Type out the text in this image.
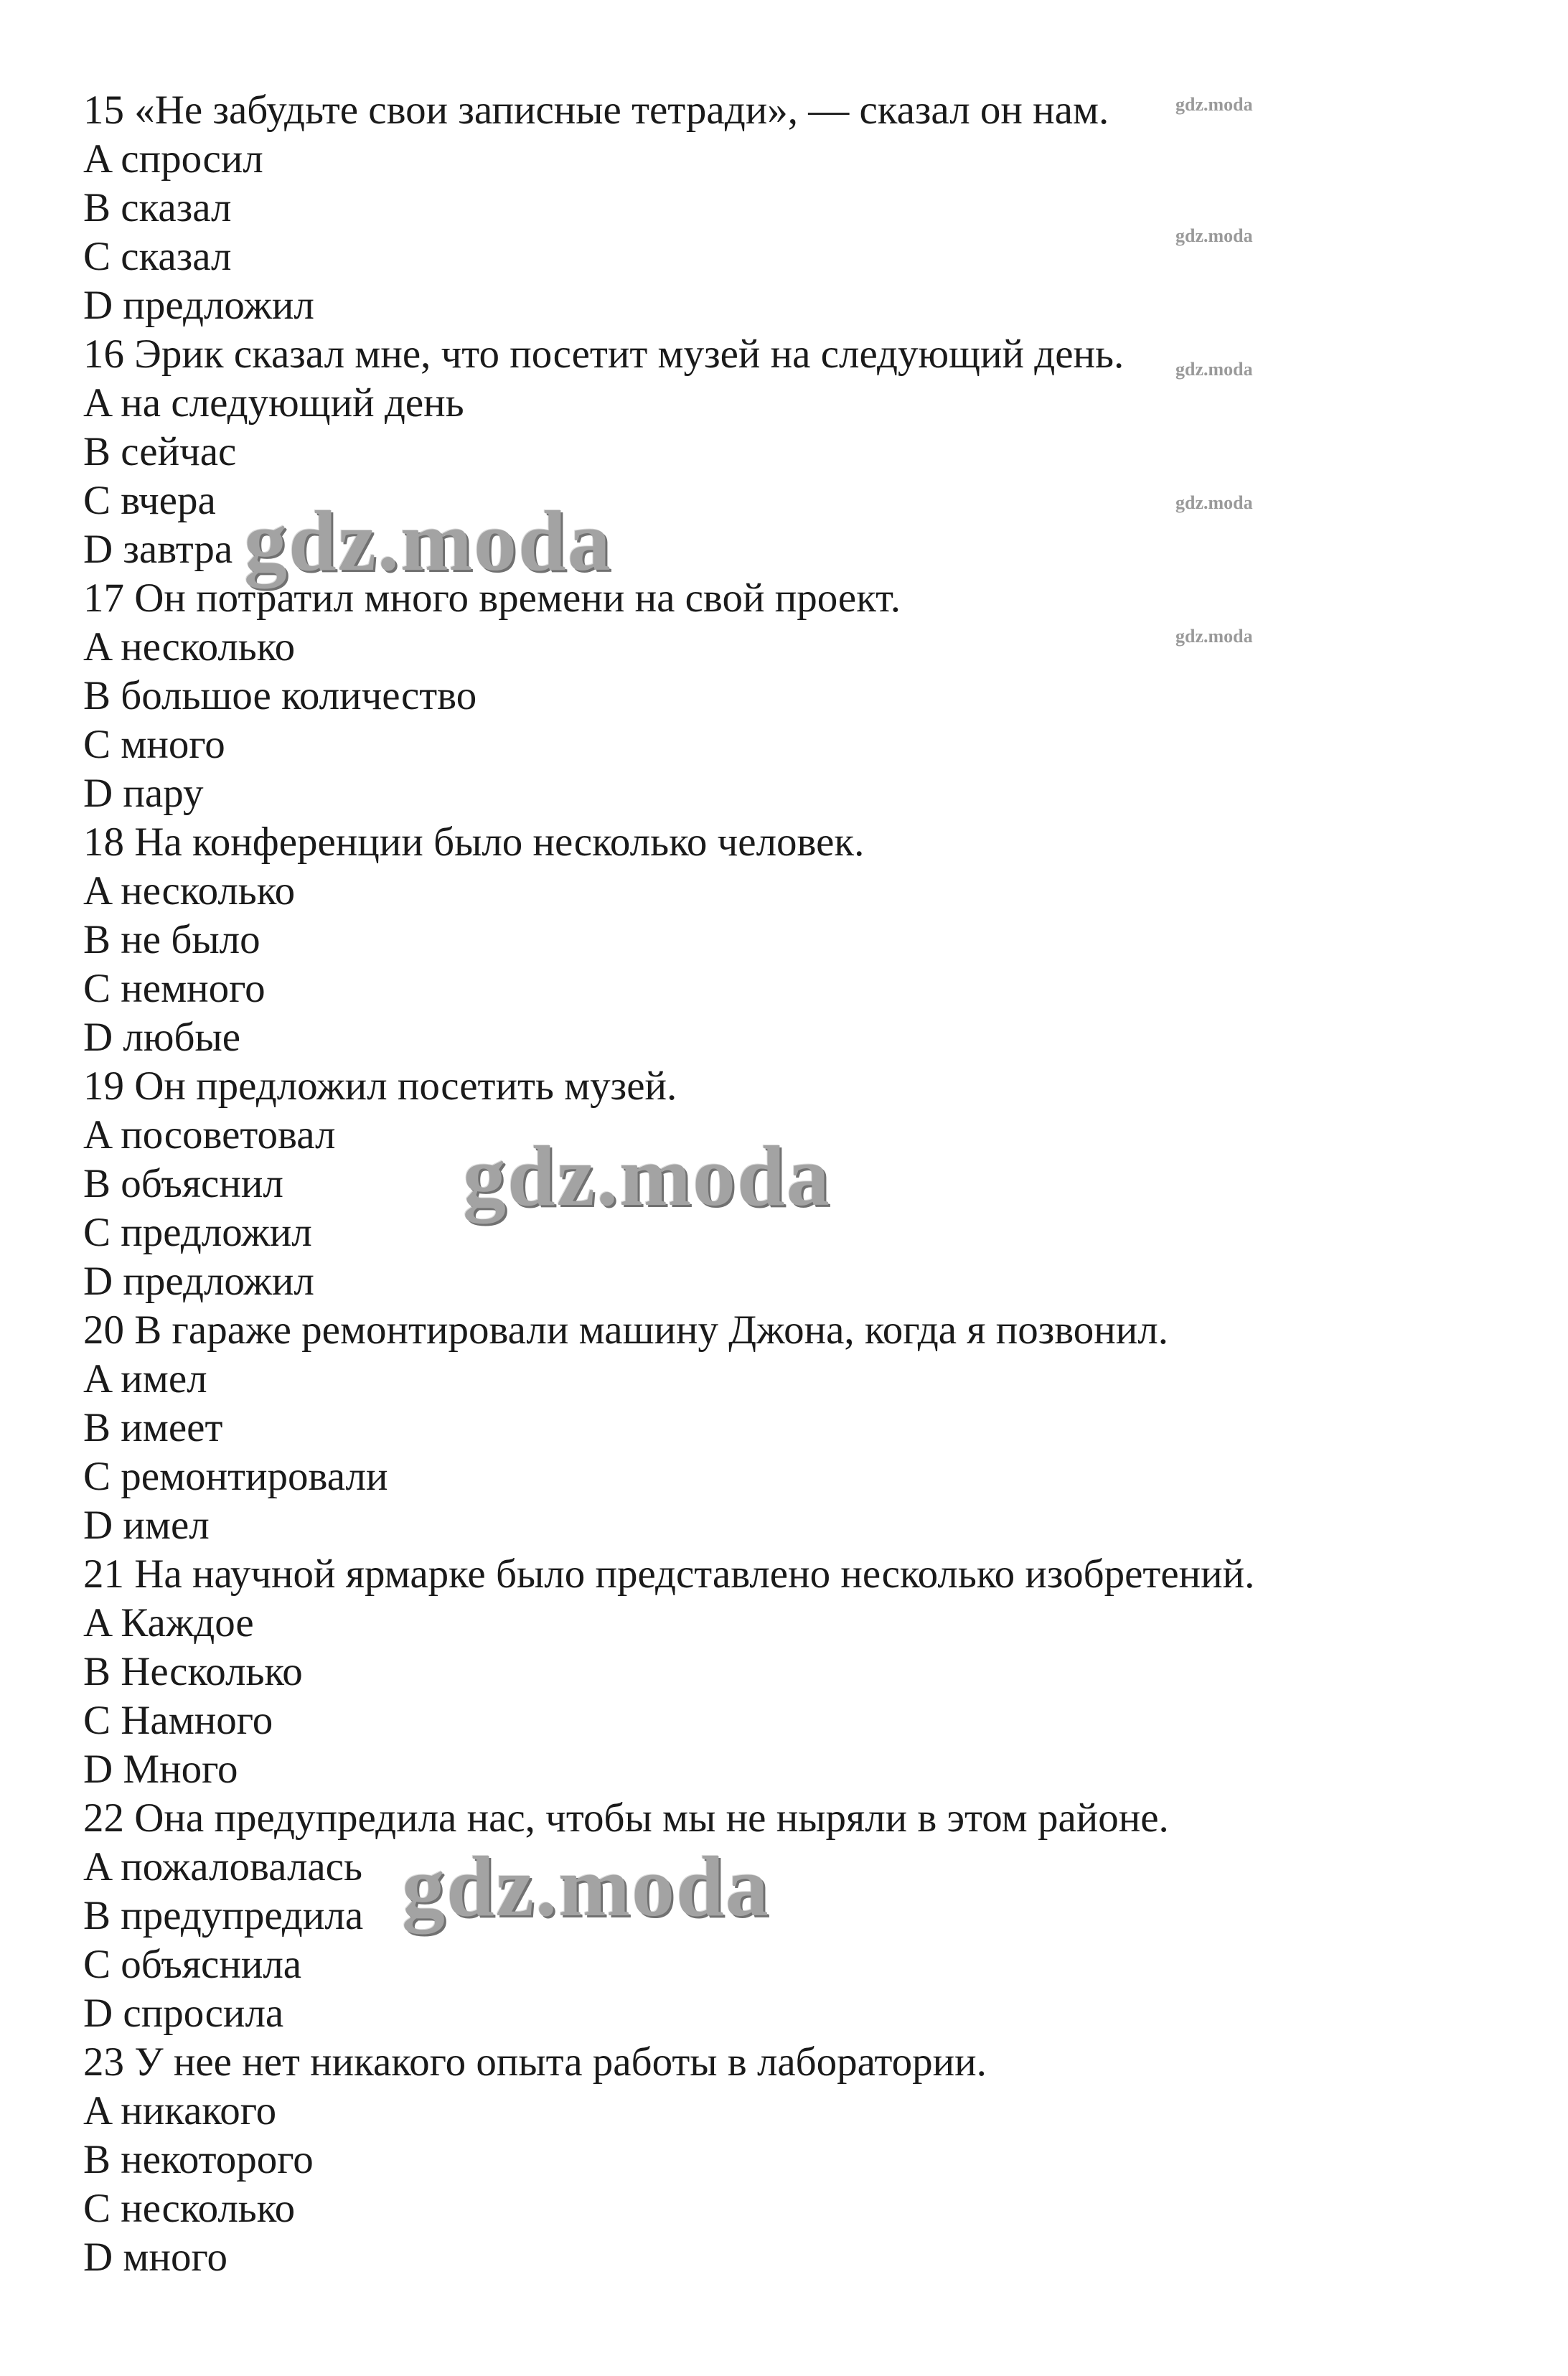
15 «Не забудьте свои записные тетради», — сказал он нам.
A спросил
B сказал
C сказал
D предложил
16 Эрик сказал мне, что посетит музей на следующий день.
A на следующий день
B сейчас
C вчера
D завтра
17 Он потратил много времени на свой проект.
A несколько
B большое количество
C много
D пару
18 На конференции было несколько человек.
A несколько
B не было
C немного
D любые
19 Он предложил посетить музей.
A посоветовал
B объяснил
C предложил
D предложил
20 В гараже ремонтировали машину Джона, когда я позвонил.
A имел
B имеет
C ремонтировали
D имел
21 На научной ярмарке было представлено несколько изобретений.
A Каждое
B Несколько
C Намного
D Много
22 Она предупредила нас, чтобы мы не ныряли в этом районе.
A пожаловалась
B предупредила
C объяснила
D спросила
23 У нее нет никакого опыта работы в лаборатории.
A никакого
B некоторого
C несколько
D много
gdz.moda
gdz.moda
gdz.moda
gdz.moda
gdz.moda
gdz.moda
gdz.moda
gdz.moda
